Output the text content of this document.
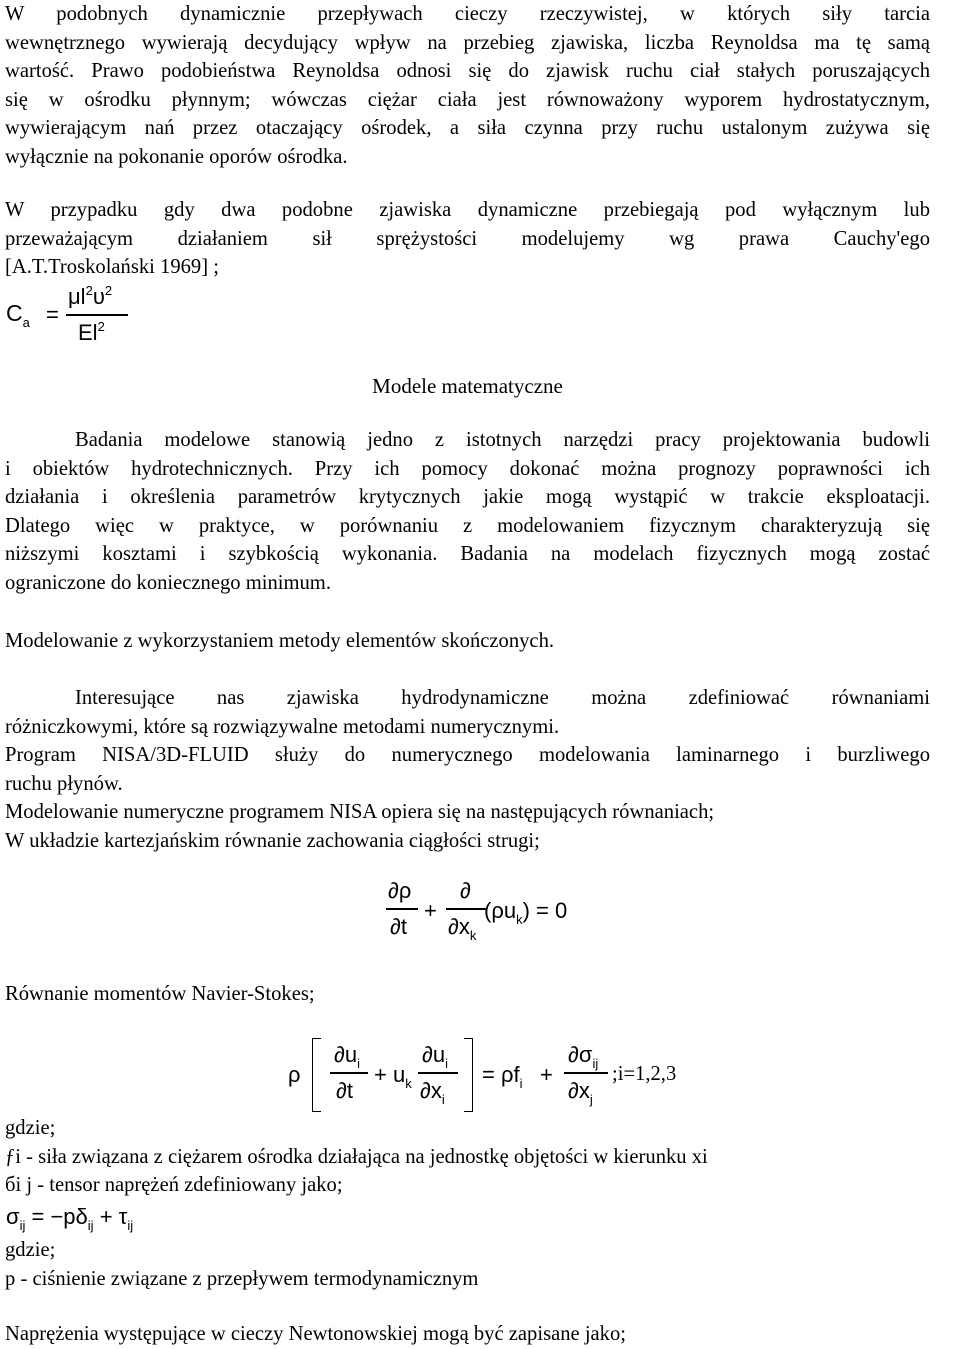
W podobnych dynamicznie przepływach cieczy rzeczywistej, w których siły tarcia
wewnętrznego wywierają decydujący wpływ na przebieg zjawiska, liczba Reynoldsa ma tę samą
wartość. Prawo podobieństwa Reynoldsa odnosi się do zjawisk ruchu ciał stałych poruszających
się w ośrodku płynnym; wówczas ciężar ciała jest równoważony wyporem hydrostatycznym,
wywierającym nań przez otaczający ośrodek, a siła czynna przy ruchu ustalonym zużywa się
wyłącznie na pokonanie oporów ośrodka.

W przypadku gdy dwa podobne zjawiska dynamiczne przebiegają pod wyłącznym lub
przeważającym działaniem sił sprężystości modelujemy wg prawa Cauchy'ego
[A.T.Troskolański 1969] ;

$C_a$ =
$\mu l^2\upsilon^2$
El$^2$
Modele matematyczne

Badania modelowe stanowią jedno z istotnych narzędzi pracy projektowania budowli
i obiektów hydrotechnicznych. Przy ich pomocy dokonać można prognozy poprawności ich
działania i określenia parametrów krytycznych jakie mogą wystąpić w trakcie eksploatacji.
Dlatego więc w praktyce, w porównaniu z modelowaniem fizycznym charakteryzują się
niższymi kosztami i szybkością wykonania. Badania na modelach fizycznych mogą zostać
ograniczone do koniecznego minimum.

Modelowanie z wykorzystaniem metody elementów skończonych.

Interesujące nas zjawiska hydrodynamiczne można zdefiniować równaniami
różniczkowymi, które są rozwiązywalne metodami numerycznymi.
Program NISA/3D-FLUID służy do numerycznego modelowania laminarnego i burzliwego
ruchu płynów.
Modelowanie numeryczne programem NISA opiera się na następujących równaniach;
W układzie kartezjańskim równanie zachowania ciągłości strugi;

∂ρ
∂t
+
∂
$\partial x_k$
$(\rho u_k) = 0$

Równanie momentów Navier-Stokes;

ρ
$\partial u_i$
∂t
+ $u_k$
$\partial u_i$
$\partial x_i$
= $\rho f_i$ +
$\partial\sigma_{ij}$
$\partial x_j$
;i=1,2,3

gdzie;
ƒi - siła związana z ciężarem ośrodka działająca na jednostkę objętości w kierunku xi
бi j - tensor naprężeń zdefiniowany jako;

$\sigma_{ij} = -p\delta_{ij} + \tau_{ij}$

gdzie;
p - ciśnienie związane z przepływem termodynamicznym

Naprężenia występujące w cieczy Newtonowskiej mogą być zapisane jako;
